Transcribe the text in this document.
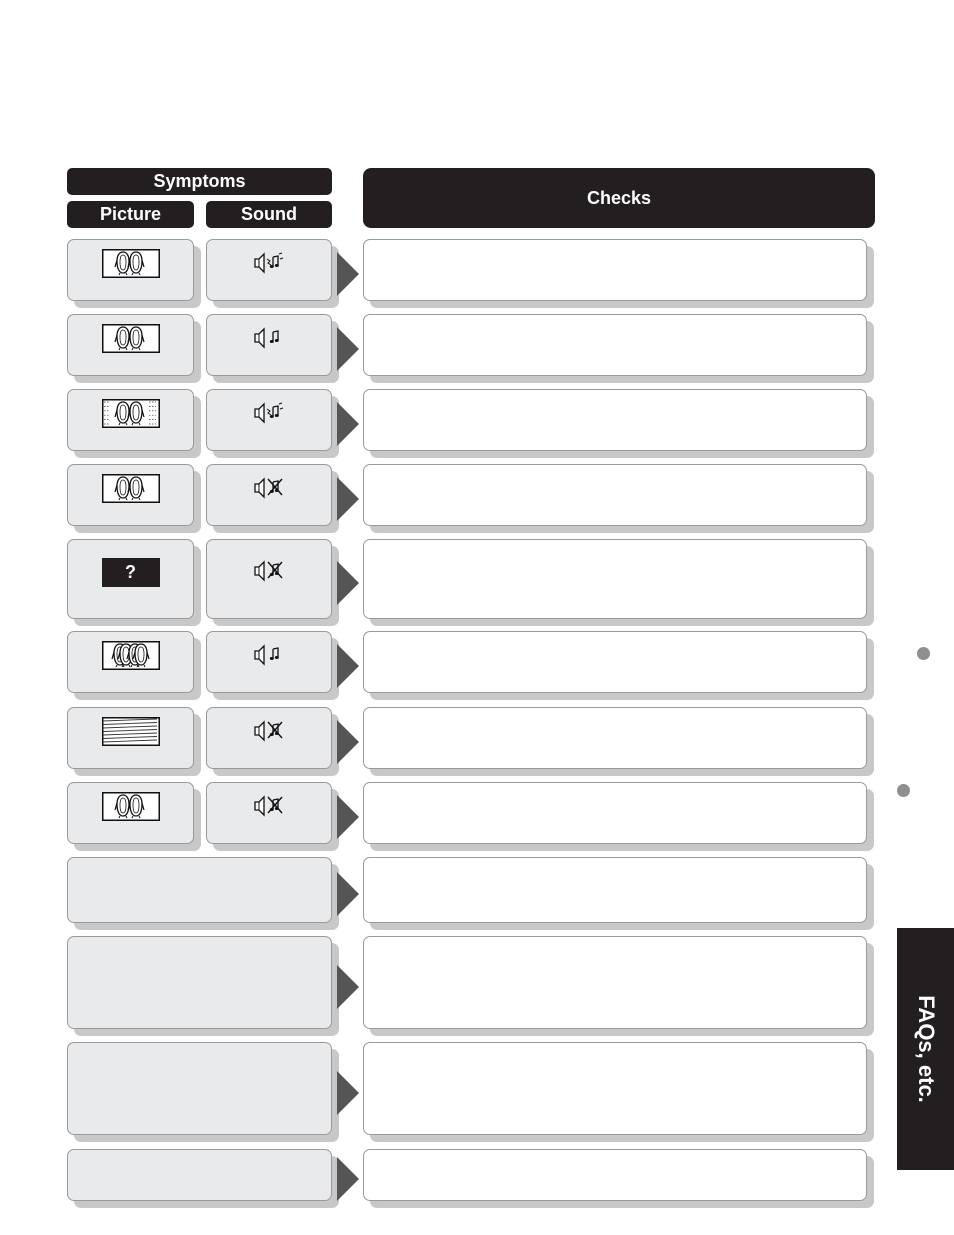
Symptoms
Picture	Sound
Checks
?
FAQs, etc.
